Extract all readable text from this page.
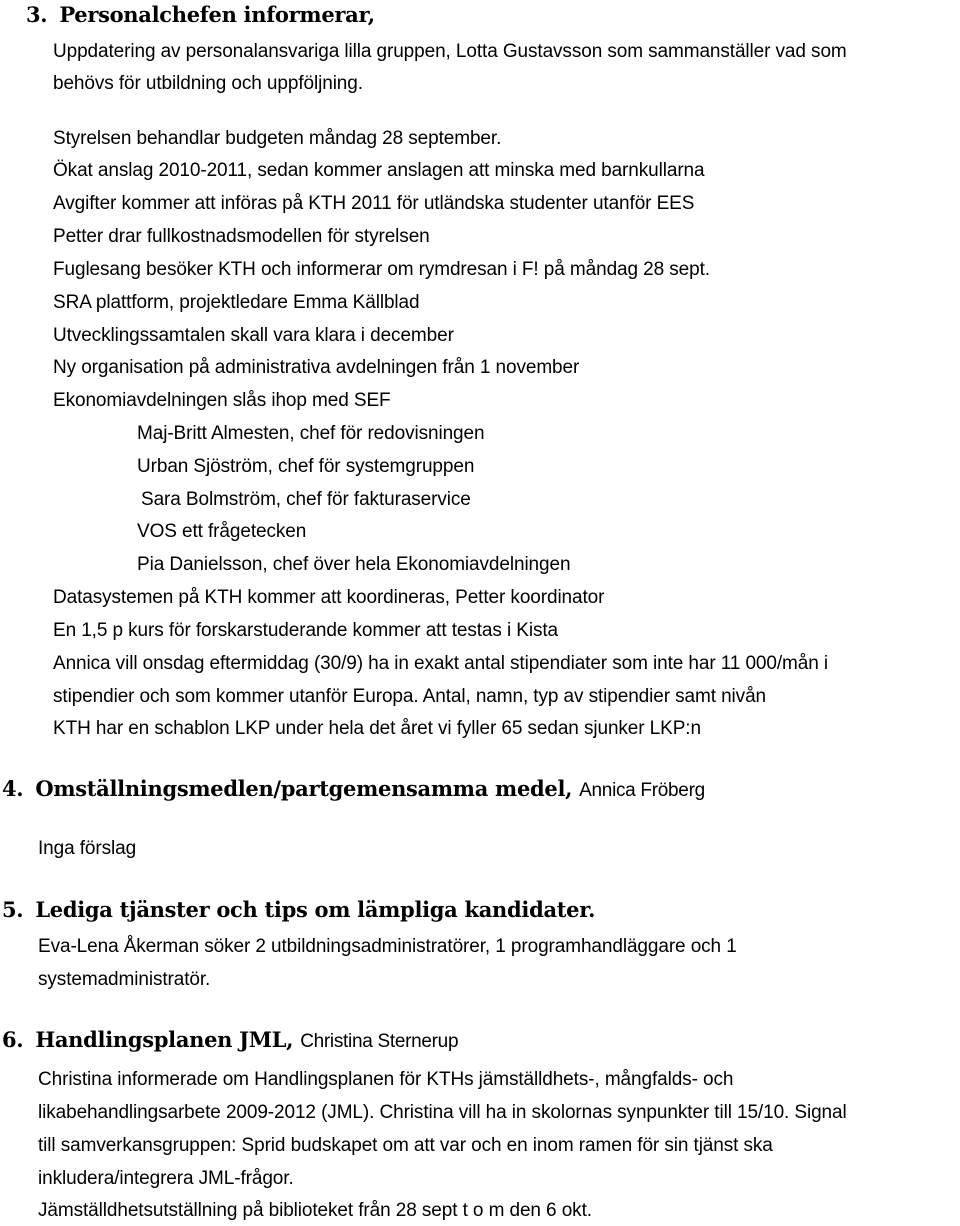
3. Personalchefen informerar,
Uppdatering av personalansvariga lilla gruppen, Lotta Gustavsson som sammanställer vad som
behövs för utbildning och uppföljning.
Styrelsen behandlar budgeten måndag 28 september.
Ökat anslag 2010-2011, sedan kommer anslagen att minska med barnkullarna
Avgifter kommer att införas på KTH 2011 för utländska studenter utanför EES
Petter drar fullkostnadsmodellen för styrelsen
Fuglesang besöker KTH och informerar om rymdresan i F! på måndag 28 sept.
SRA plattform, projektledare Emma Källblad
Utvecklingssamtalen skall vara klara i december
Ny organisation på administrativa avdelningen från 1 november
Ekonomiavdelningen slås ihop med SEF
Maj-Britt Almesten, chef för redovisningen
Urban Sjöström, chef för systemgruppen
Sara Bolmström, chef för fakturaservice
VOS ett frågetecken
Pia Danielsson, chef över hela Ekonomiavdelningen
Datasystemen på KTH kommer att koordineras, Petter koordinator
En 1,5 p kurs för forskarstuderande kommer att testas i Kista
Annica vill onsdag eftermiddag (30/9) ha in exakt antal stipendiater som inte har 11 000/mån i
stipendier och som kommer utanför Europa. Antal, namn, typ av stipendier samt nivån
KTH har en schablon LKP under hela det året vi fyller 65 sedan sjunker LKP:n
4. Omställningsmedlen/partgemensamma medel, Annica Fröberg
Inga förslag
5. Lediga tjänster och tips om lämpliga kandidater.
Eva-Lena Åkerman söker 2 utbildningsadministratörer, 1 programhandläggare och 1
systemadministratör.
6. Handlingsplanen JML, Christina Sternerup
Christina informerade om Handlingsplanen för KTHs jämställdhets-, mångfalds- och
likabehandlingsarbete 2009-2012 (JML). Christina vill ha in skolornas synpunkter till 15/10. Signal
till samverkansgruppen: Sprid budskapet om att var och en inom ramen för sin tjänst ska
inkludera/integrera JML-frågor.
Jämställdhetsutställning på biblioteket från 28 sept t o m den 6 okt.
